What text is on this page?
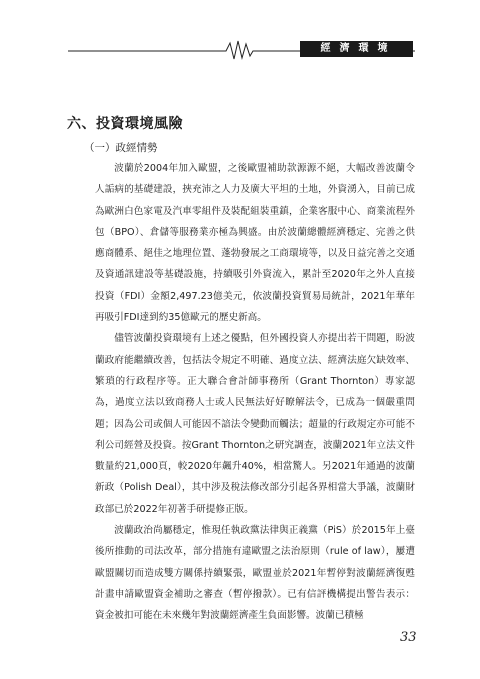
經濟環境
六、投資環境風險
（一）政經情勢

波蘭於2004年加入歐盟，之後歐盟補助款源源不絕，大幅改善波蘭令人詬病的基礎建設，挾充沛之人力及廣大平坦的土地，外資湧入，目前已成為歐洲白色家電及汽車零組件及裝配組裝重鎮，企業客服中心、商業流程外包（BPO）、倉儲等服務業亦極為興盛。由於波蘭總體經濟穩定、完善之供應商體系、絕佳之地理位置、蓬勃發展之工商環境等，以及日益完善之交通及資通訊建設等基礎設施，持續吸引外資流入，累計至2020年之外人直接投資（FDI）金額2,497.23億美元，依波蘭投資貿易局統計，2021年華年再吸引FDI達到約35億歐元的歷史新高。

儘管波蘭投資環境有上述之優點，但外國投資人亦提出若干問題，盼波蘭政府能繼續改善，包括法令規定不明確、過度立法、經濟法庭欠缺效率、繁瑣的行政程序等。正大聯合會計師事務所（Grant Thornton）專家認為，過度立法以致商務人士或人民無法好好瞭解法令，已成為一個嚴重問題；因為公司或個人可能因不諳法令變動而觸法；超量的行政規定亦可能不利公司經營及投資。按Grant Thornton之研究調查，波蘭2021年立法文件數量約21,000頁，較2020年飆升40%，相當驚人。另2021年通過的波蘭新政（Polish Deal），其中涉及稅法修改部分引起各界相當大爭議，波蘭財政部已於2022年初著手研提修正版。

波蘭政治尚屬穩定，惟現任執政黨法律與正義黨（PiS）於2015年上臺後所推動的司法改革，部分措施有違歐盟之法治原則（rule of law），屢遭歐盟關切而造成雙方關係持續緊張，歐盟並於2021年暫停對波蘭經濟復甦計畫申請歐盟資金補助之審查（暫停撥款）。已有信評機構提出警告表示：資金被扣可能在未來幾年對波蘭經濟產生負面影響。波蘭已積極

33
